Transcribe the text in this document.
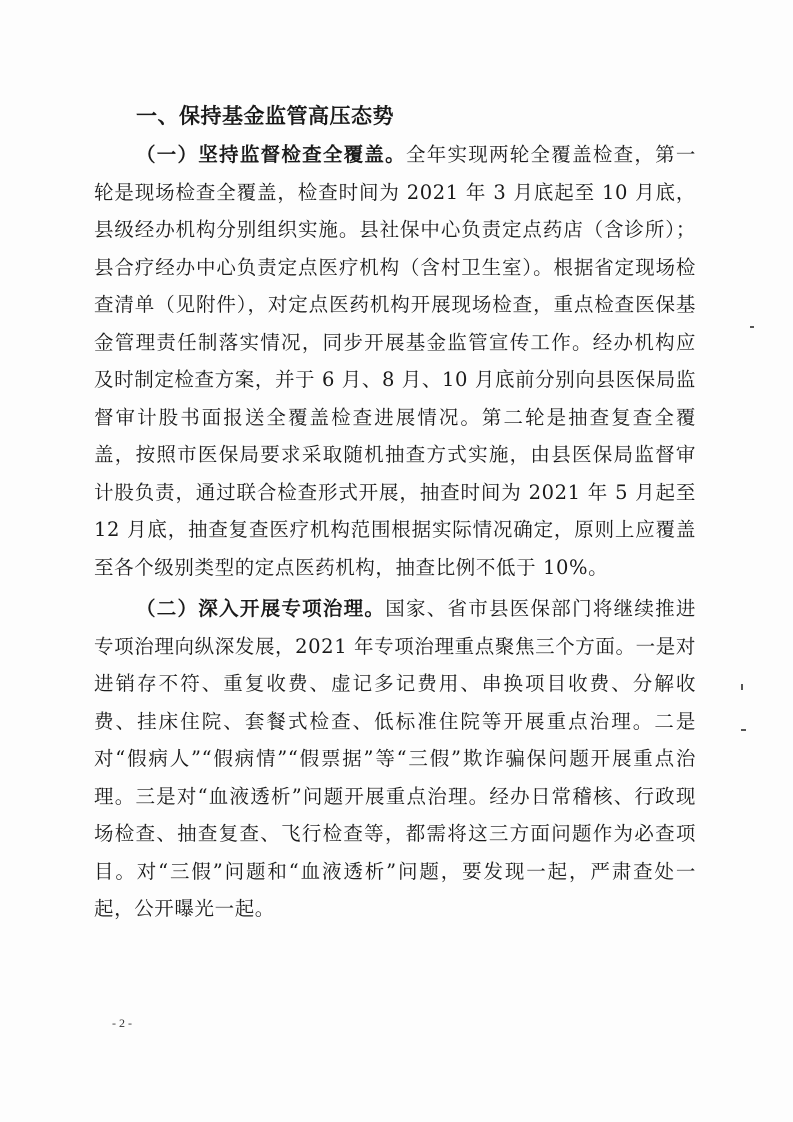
一、保持基金监管高压态势

（一）坚持监督检查全覆盖。全年实现两轮全覆盖检查，第一轮是现场检查全覆盖，检查时间为 2021 年 3 月底起至 10 月底，县级经办机构分别组织实施。县社保中心负责定点药店（含诊所）；县合疗经办中心负责定点医疗机构（含村卫生室）。根据省定现场检查清单（见附件），对定点医药机构开展现场检查，重点检查医保基金管理责任制落实情况，同步开展基金监管宣传工作。经办机构应及时制定检查方案，并于 6 月、8 月、10 月底前分别向县医保局监督审计股书面报送全覆盖检查进展情况。第二轮是抽查复查全覆盖，按照市医保局要求采取随机抽查方式实施，由县医保局监督审计股负责，通过联合检查形式开展，抽查时间为 2021 年 5 月起至 12 月底，抽查复查医疗机构范围根据实际情况确定，原则上应覆盖至各个级别类型的定点医药机构，抽查比例不低于 10%。

（二）深入开展专项治理。国家、省市县医保部门将继续推进专项治理向纵深发展，2021 年专项治理重点聚焦三个方面。一是对进销存不符、重复收费、虚记多记费用、串换项目收费、分解收费、挂床住院、套餐式检查、低标准住院等开展重点治理。二是对“假病人”“假病情”“假票据”等“三假”欺诈骗保问题开展重点治理。三是对“血液透析”问题开展重点治理。经办日常稽核、行政现场检查、抽查复查、飞行检查等，都需将这三方面问题作为必查项目。对“三假”问题和“血液透析”问题，要发现一起，严肃查处一起，公开曝光一起。

- 2 -
